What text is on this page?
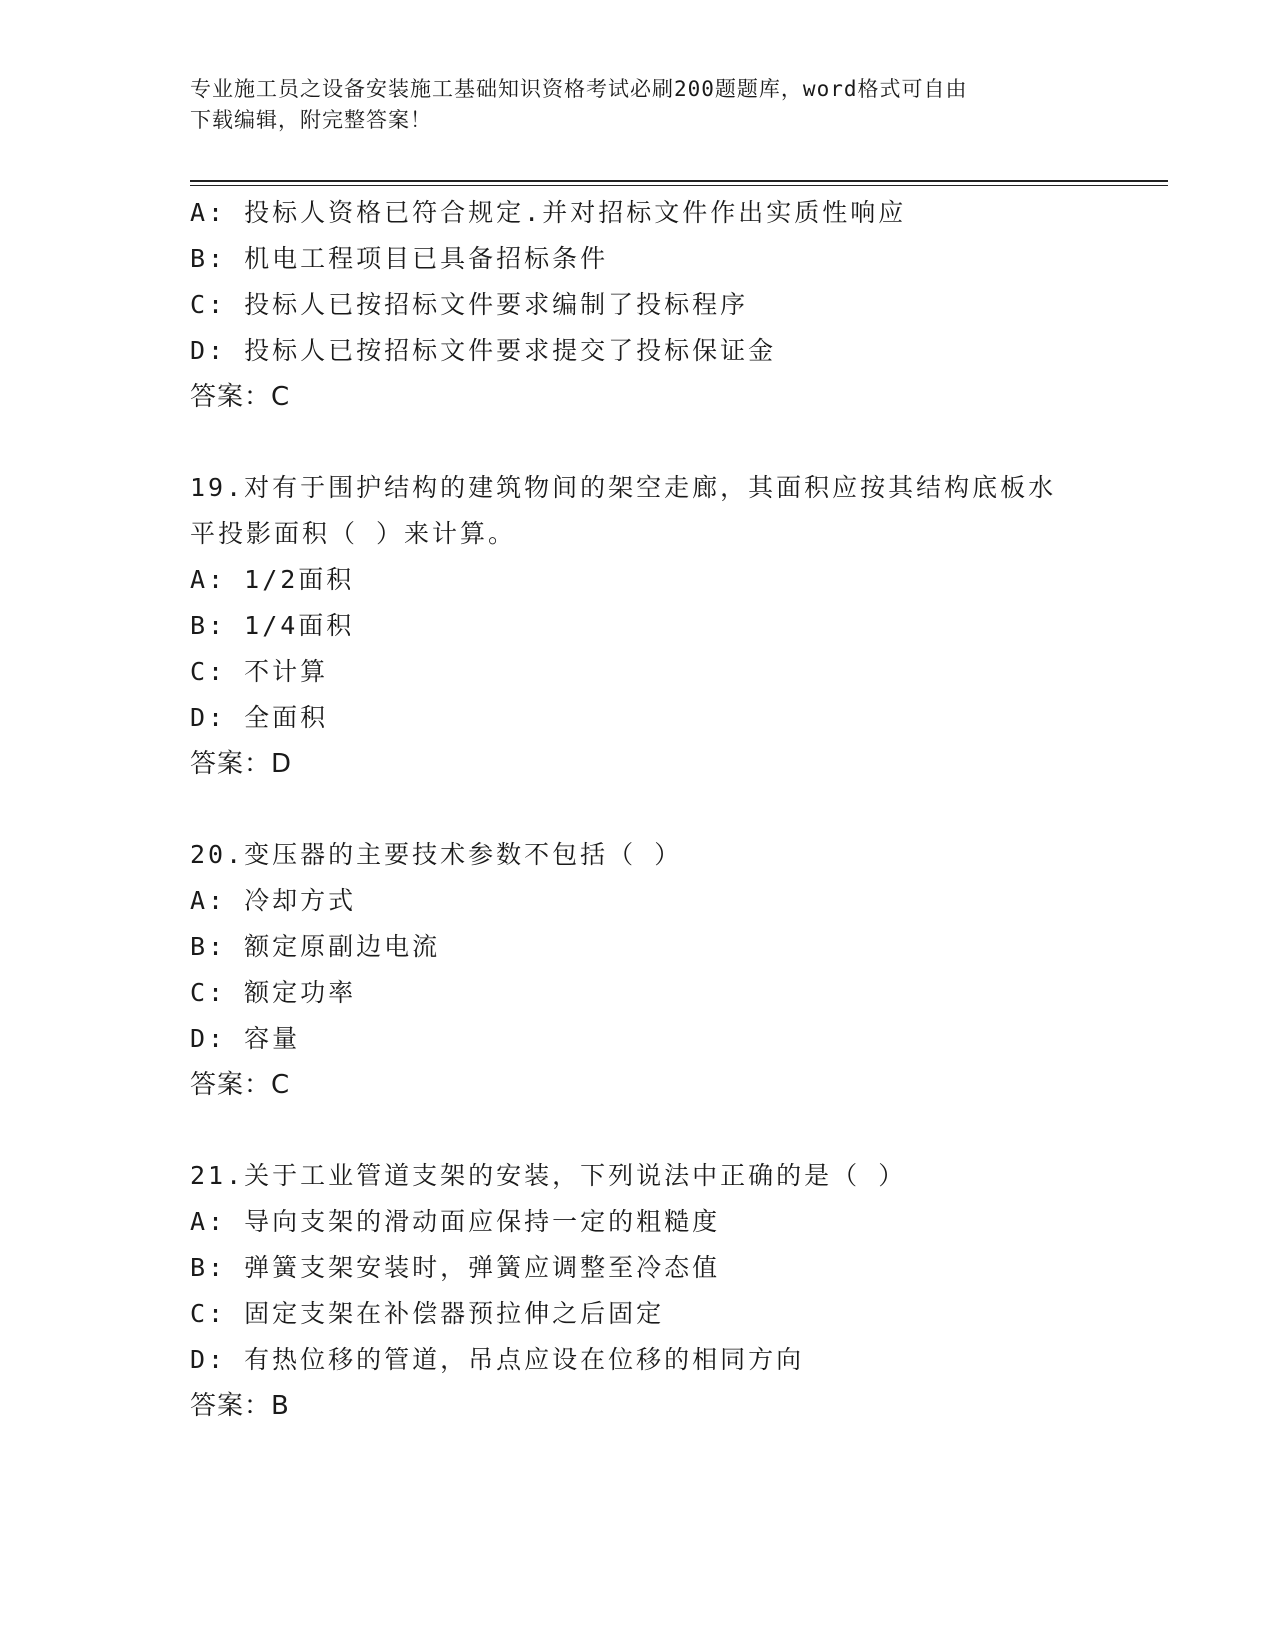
专业施工员之设备安装施工基础知识资格考试必刷200题题库，word格式可自由
下载编辑，附完整答案！
A: 投标人资格已符合规定.并对招标文件作出实质性响应
B: 机电工程项目已具备招标条件
C: 投标人已按招标文件要求编制了投标程序
D: 投标人已按招标文件要求提交了投标保证金
答案：C
19.对有于围护结构的建筑物间的架空走廊，其面积应按其结构底板水
平投影面积（ ）来计算。
A: 1/2面积
B: 1/4面积
C: 不计算
D: 全面积
答案：D
20.变压器的主要技术参数不包括（ ）
A: 冷却方式
B: 额定原副边电流
C: 额定功率
D: 容量
答案：C
21.关于工业管道支架的安装，下列说法中正确的是（ ）
A: 导向支架的滑动面应保持一定的粗糙度
B: 弹簧支架安装时，弹簧应调整至冷态值
C: 固定支架在补偿器预拉伸之后固定
D: 有热位移的管道，吊点应设在位移的相同方向
答案：B
